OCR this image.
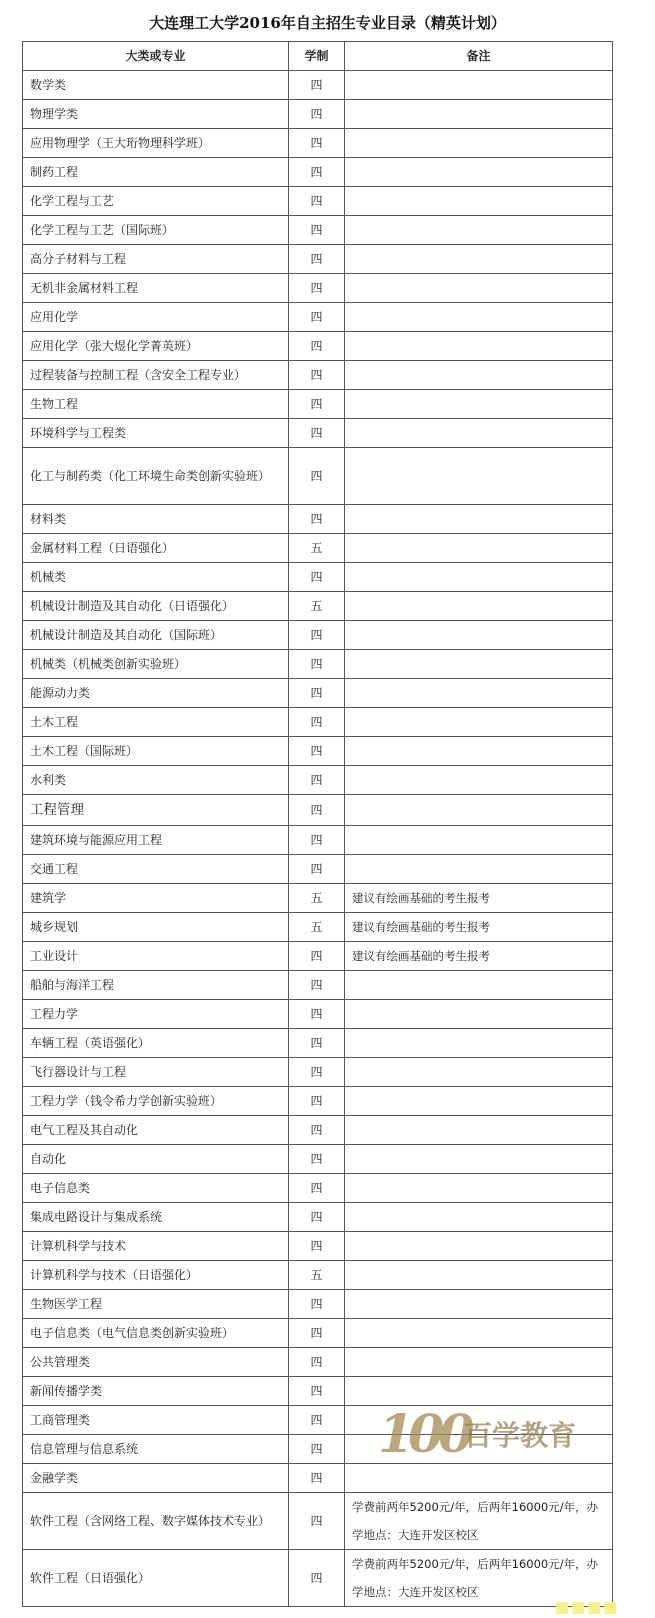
大连理工大学2016年自主招生专业目录（精英计划）
大类或专业	学制	备注
数学类	四	
物理学类	四	
应用物理学（王大珩物理科学班）	四	
制药工程	四	
化学工程与工艺	四	
化学工程与工艺（国际班）	四	
高分子材料与工程	四	
无机非金属材料工程	四	
应用化学	四	
应用化学（张大煜化学菁英班）	四	
过程装备与控制工程（含安全工程专业）	四	
生物工程	四	
环境科学与工程类	四	
化工与制药类（化工环境生命类创新实验班）	四	
材料类	四	
金属材料工程（日语强化）	五	
机械类	四	
机械设计制造及其自动化（日语强化）	五	
机械设计制造及其自动化（国际班）	四	
机械类（机械类创新实验班）	四	
能源动力类	四	
土木工程	四	
土木工程（国际班）	四	
水利类	四	
工程管理	四	
建筑环境与能源应用工程	四	
交通工程	四	
建筑学	五	建议有绘画基础的考生报考
城乡规划	五	建议有绘画基础的考生报考
工业设计	四	建议有绘画基础的考生报考
船舶与海洋工程	四	
工程力学	四	
车辆工程（英语强化）	四	
飞行器设计与工程	四	
工程力学（钱令希力学创新实验班）	四	
电气工程及其自动化	四	
自动化	四	
电子信息类	四	
集成电路设计与集成系统	四	
计算机科学与技术	四	
计算机科学与技术（日语强化）	五	
生物医学工程	四	
电子信息类（电气信息类创新实验班）	四	
公共管理类	四	
新闻传播学类	四	
工商管理类	四	
信息管理与信息系统	四	
金融学类	四	
软件工程（含网络工程、数字媒体技术专业）	四	学费前两年5200元/年，后两年16000元/年，办学地点：大连开发区校区
软件工程（日语强化）	四	学费前两年5200元/年，后两年16000元/年，办学地点：大连开发区校区
100
百学教育
